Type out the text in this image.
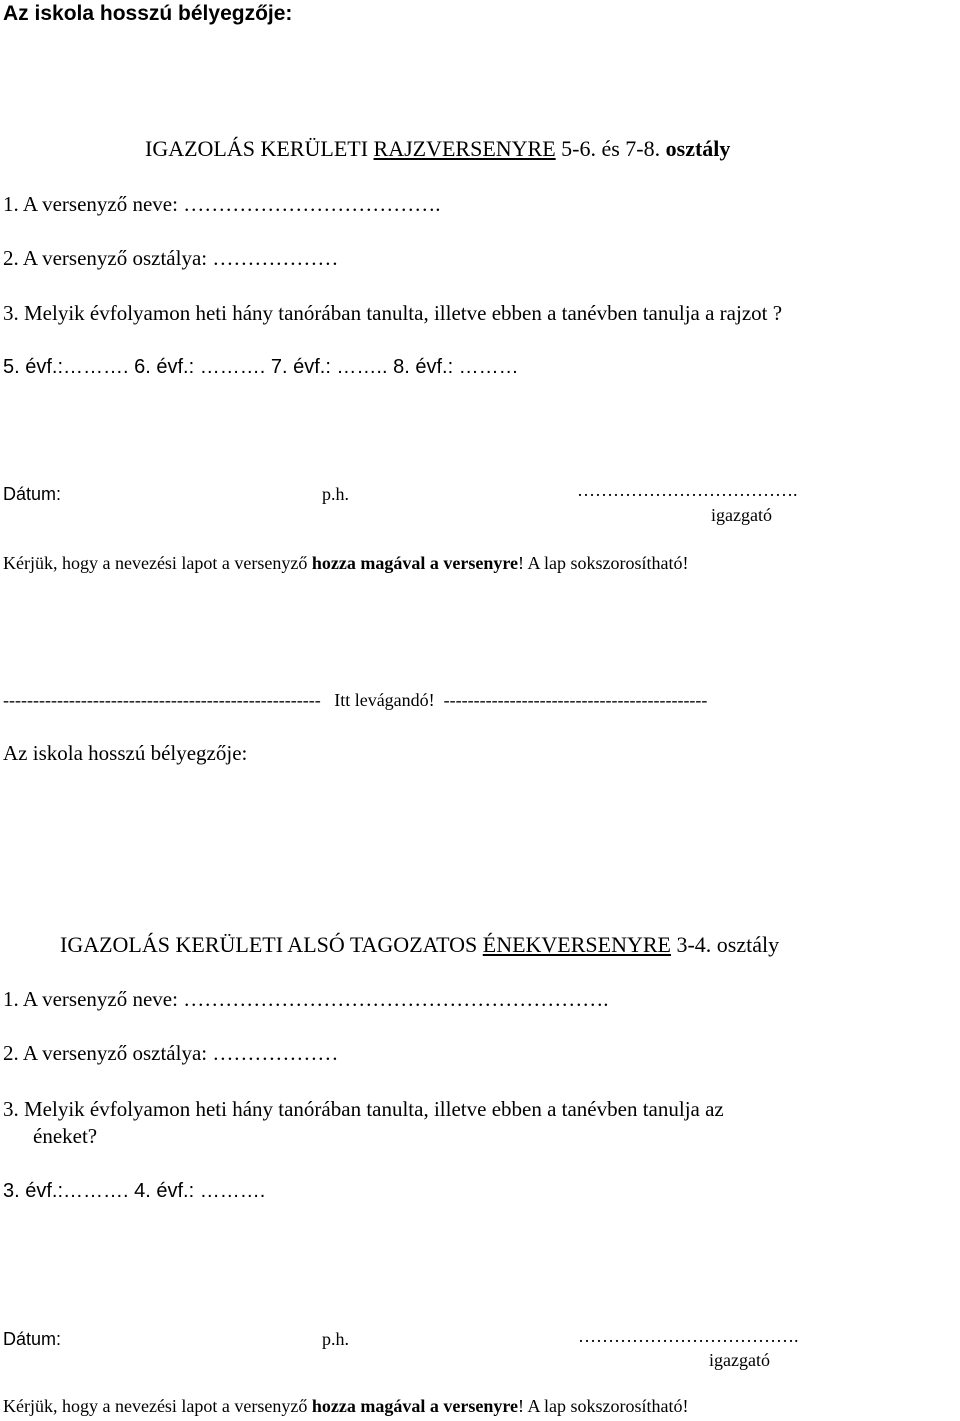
Az iskola hosszú bélyegzője:
IGAZOLÁS KERÜLETI RAJZVERSENYRE 5-6. és 7-8. osztály
1. A versenyző neve: ……………………………….
2. A versenyző osztálya: ………………
3. Melyik évfolyamon heti hány tanórában tanulta, illetve ebben a tanévben tanulja a rajzot ?
5. évf.:………. 6. évf.: ………. 7. évf.: …….. 8. évf.: ………
Dátum:	p.h.	……………………………….
igazgató
Kérjük, hogy a nevezési lapot a versenyző hozza magával a versenyre! A lap sokszorosítható!
----------------------------------------------------- Itt levágandó! --------------------------------------------
Az iskola hosszú bélyegzője:
IGAZOLÁS KERÜLETI ALSÓ TAGOZATOS ÉNEKVERSENYRE 3-4. osztály
1. A versenyző neve: …………………………………………………….
2. A versenyző osztálya: ………………
3. Melyik évfolyamon heti hány tanórában tanulta, illetve ebben a tanévben tanulja az
éneket?
3. évf.:………. 4. évf.: ……….
Dátum:	p.h.	……………………………….
igazgató
Kérjük, hogy a nevezési lapot a versenyző hozza magával a versenyre! A lap sokszorosítható!
